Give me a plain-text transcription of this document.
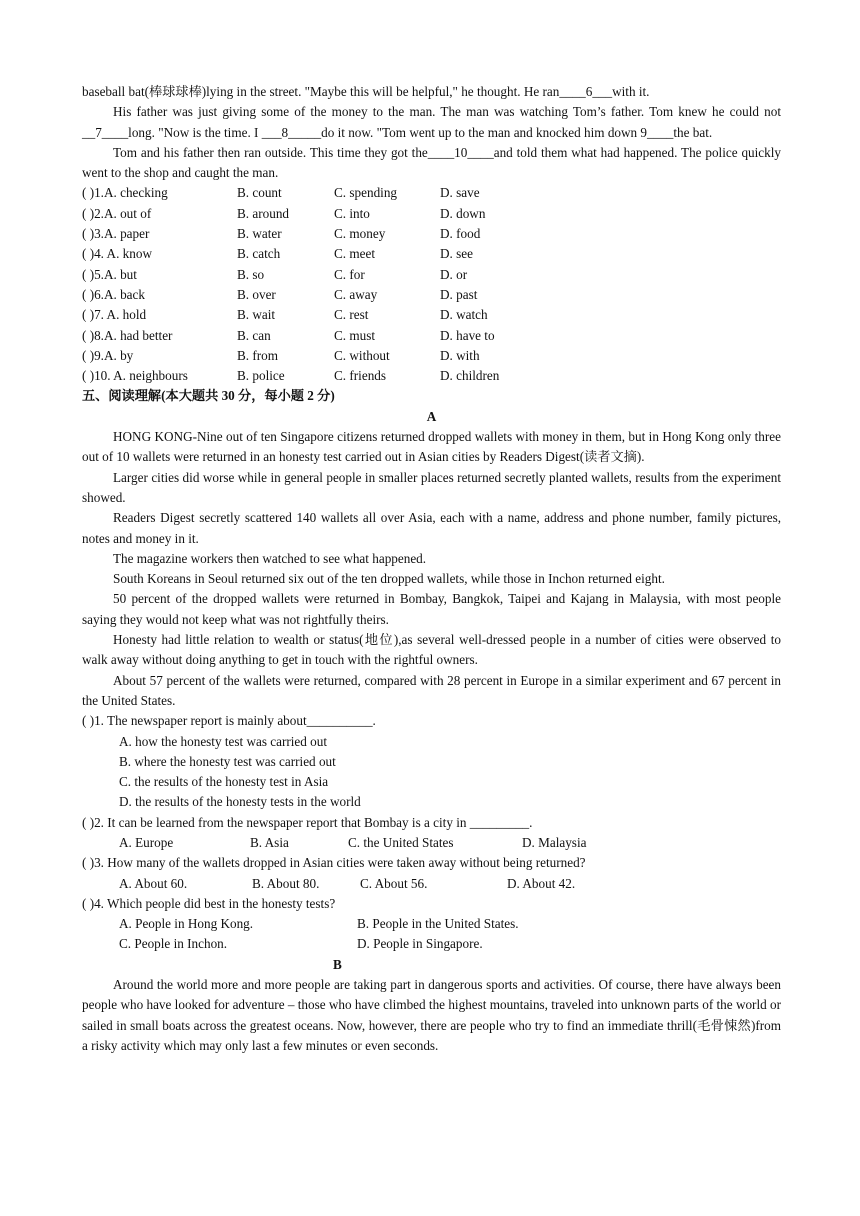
baseball bat(棒球球棒)lying in the street. "Maybe this will be helpful," he thought. He ran____6___with it.

His father was just giving some of the money to the man. The man was watching Tom’s father. Tom knew he could not __7____long. "Now is the time. I ___8_____do it now. "Tom went up to the man and knocked him down 9____the bat.

Tom and his father then ran outside. This time they got the____10____and told them what had happened. The police quickly went to the shop and caught the man.

( )1.A. checking	B. count	C. spending	D. save
( )2.A. out of	B. around	C. into	D. down
( )3.A. paper	B. water	C. money	D. food
( )4. A. know	B. catch	C. meet	D. see
( )5.A. but	B. so	C. for	D. or
( )6.A. back	B. over	C. away	D. past
( )7. A. hold	B. wait	C. rest	D. watch
( )8.A. had better	B. can	C. must	D. have to
( )9.A. by	B. from	C. without	D. with
( )10. A. neighbours	B. police	C. friends	D. children
五、阅读理解(本大题共 30 分，每小题 2 分)
A

HONG KONG-Nine out of ten Singapore citizens returned dropped wallets with money in them, but in Hong Kong only three out of 10 wallets were returned in an honesty test carried out in Asian cities by Readers Digest(读者文摘).

Larger cities did worse while in general people in smaller places returned secretly planted wallets, results from the experiment showed.

Readers Digest secretly scattered 140 wallets all over Asia, each with a name, address and phone number, family pictures, notes and money in it.

The magazine workers then watched to see what happened.

South Koreans in Seoul returned six out of the ten dropped wallets, while those in Inchon returned eight.

50 percent of the dropped wallets were returned in Bombay, Bangkok, Taipei and Kajang in Malaysia, with most people saying they would not keep what was not rightfully theirs.

Honesty had little relation to wealth or status(地位),as several well-dressed people in a number of cities were observed to walk away without doing anything to get in touch with the rightful owners.

About 57 percent of the wallets were returned, compared with 28 percent in Europe in a similar experiment and 67 percent in the United States.

( )1. The newspaper report is mainly about__________.
A. how the honesty test was carried out
B. where the honesty test was carried out
C. the results of the honesty test in Asia
D. the results of the honesty tests in the world
( )2. It can be learned from the newspaper report that Bombay is a city in _________.
A. Europe	B. Asia	C. the United States	D. Malaysia
( )3. How many of the wallets dropped in Asian cities were taken away without being returned?
A. About 60.	B. About 80.	C. About 56.	D. About 42.
( )4. Which people did best in the honesty tests?
A. People in Hong Kong.	B. People in the United States.
C. People in Inchon.	D. People in Singapore.
B

Around the world more and more people are taking part in dangerous sports and activities. Of course, there have always been people who have looked for adventure – those who have climbed the highest mountains, traveled into unknown parts of the world or sailed in small boats across the greatest oceans. Now, however, there are people who try to find an immediate thrill(毛骨悚然)from a risky activity which may only last a few minutes or even seconds.
